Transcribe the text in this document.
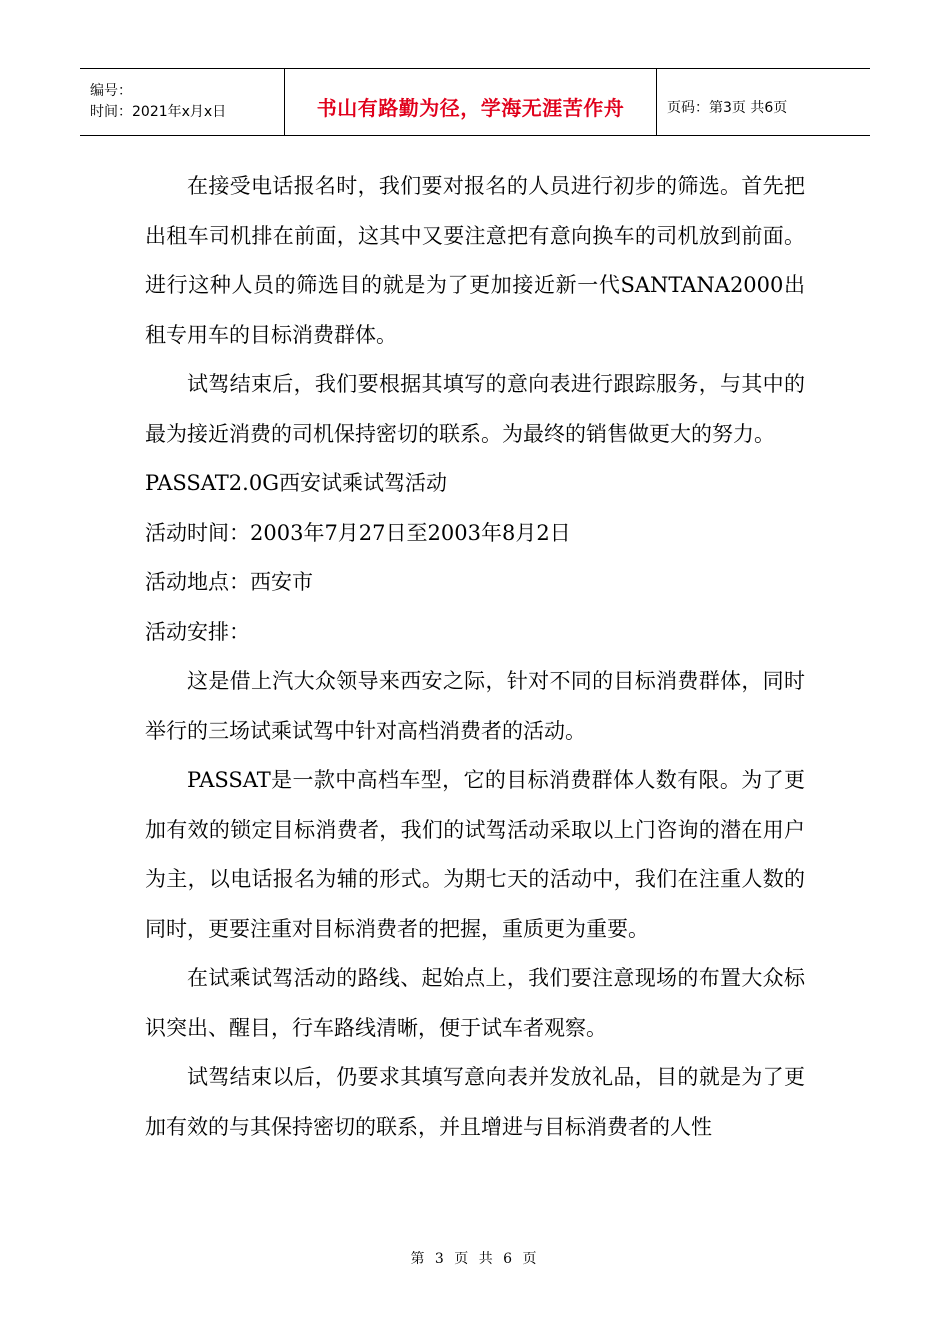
编号：
时间：2021年x月x日	书山有路勤为径，学海无涯苦作舟	页码：第3页 共6页

在接受电话报名时，我们要对报名的人员进行初步的筛选。首先把出租车司机排在前面，这其中又要注意把有意向换车的司机放到前面。进行这种人员的筛选目的就是为了更加接近新一代SANTANA2000出租专用车的目标消费群体。

试驾结束后，我们要根据其填写的意向表进行跟踪服务，与其中的最为接近消费的司机保持密切的联系。为最终的销售做更大的努力。

PASSAT2.0G西安试乘试驾活动

活动时间：2003年7月27日至2003年8月2日

活动地点：西安市

活动安排：

这是借上汽大众领导来西安之际，针对不同的目标消费群体，同时举行的三场试乘试驾中针对高档消费者的活动。

PASSAT是一款中高档车型，它的目标消费群体人数有限。为了更加有效的锁定目标消费者，我们的试驾活动采取以上门咨询的潜在用户为主，以电话报名为辅的形式。为期七天的活动中，我们在注重人数的同时，更要注重对目标消费者的把握，重质更为重要。

在试乘试驾活动的路线、起始点上，我们要注意现场的布置大众标识突出、醒目，行车路线清晰，便于试车者观察。

试驾结束以后，仍要求其填写意向表并发放礼品，目的就是为了更加有效的与其保持密切的联系，并且增进与目标消费者的人性

第 3 页 共 6 页
